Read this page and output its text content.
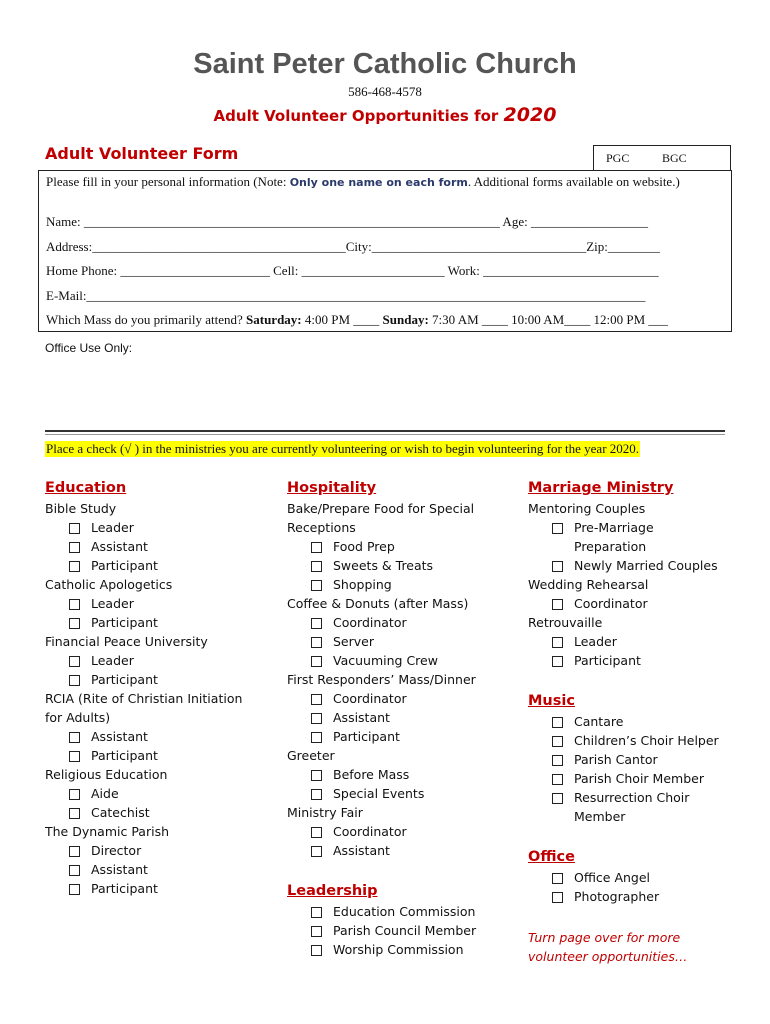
Saint Peter Catholic Church
586-468-4578
Adult Volunteer Opportunities for 2020
Adult Volunteer Form	PGC	BGC
Please fill in your personal information (Note: Only one name on each form. Additional forms available on website.)
Name: ________________________________________________________________ Age: __________________
Address:_______________________________________City:_________________________________Zip:________
Home Phone: _______________________ Cell: ______________________ Work: ___________________________
E-Mail:______________________________________________________________________________________
Which Mass do you primarily attend? Saturday: 4:00 PM ____ Sunday: 7:30 AM ____ 10:00 AM____ 12:00 PM ___
Office Use Only:
Place a check (√ ) in the ministries you are currently volunteering or wish to begin volunteering for the year 2020.
Education
Bible Study
Leader
Assistant
Participant
Catholic Apologetics
Leader
Participant
Financial Peace University
Leader
Participant
RCIA (Rite of Christian Initiation
for Adults)
Assistant
Participant
Religious Education
Aide
Catechist
The Dynamic Parish
Director
Assistant
Participant
Hospitality
Bake/Prepare Food for Special
Receptions
Food Prep
Sweets & Treats
Shopping
Coffee & Donuts (after Mass)
Coordinator
Server
Vacuuming Crew
First Responders’ Mass/Dinner
Coordinator
Assistant
Participant
Greeter
Before Mass
Special Events
Ministry Fair
Coordinator
Assistant
Leadership
Education Commission
Parish Council Member
Worship Commission
Marriage Ministry
Mentoring Couples
Pre-Marriage Preparation
Newly Married Couples
Wedding Rehearsal
Coordinator
Retrouvaille
Leader
Participant
Music
Cantare
Children’s Choir Helper
Parish Cantor
Parish Choir Member
Resurrection Choir Member
Office
Office Angel
Photographer
Turn page over for more volunteer opportunities…
